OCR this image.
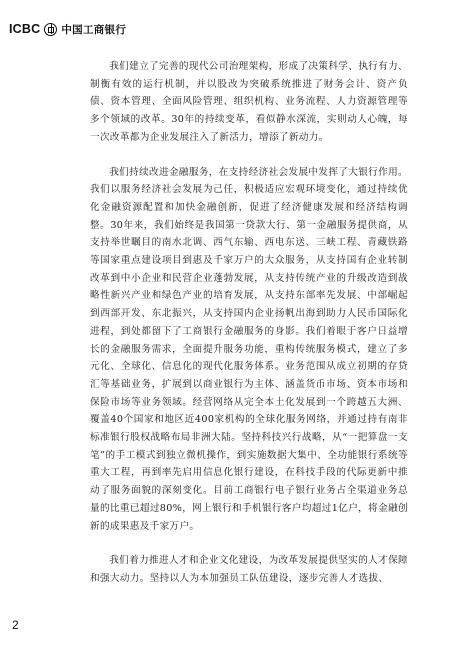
ICBC 中国工商银行

我们建立了完善的现代公司治理架构，形成了决策科学、执行有力、制衡有效的运行机制，并以股改为突破系统推进了财务会计、资产负债、资本管理、全面风险管理、组织机构、业务流程、人力资源管理等多个领域的改革。30年的持续变革，看似静水深流，实则动人心魄，每一次改革都为企业发展注入了新活力，增添了新动力。

我们持续改进金融服务，在支持经济社会发展中发挥了大银行作用。我们以服务经济社会发展为己任，积极适应宏观环境变化，通过持续优化金融资源配置和加快金融创新，促进了经济健康发展和经济结构调整。30年来，我们始终是我国第一贷款大行、第一金融服务提供商，从支持举世瞩目的南水北调、西气东输、西电东送、三峡工程、青藏铁路等国家重点建设项目到惠及千家万户的大众服务，从支持国有企业转制改革到中小企业和民营企业蓬勃发展，从支持传统产业的升级改造到战略性新兴产业和绿色产业的培育发展，从支持东部率先发展、中部崛起到西部开发、东北振兴，从支持国内企业扬帆出海到助力人民币国际化进程，到处都留下了工商银行金融服务的身影。我们着眼于客户日益增长的金融服务需求，全面提升服务功能，重构传统服务模式，建立了多元化、全球化、信息化的现代化服务体系。业务范围从成立初期的存贷汇等基础业务，扩展到以商业银行为主体、涵盖货币市场、资本市场和保险市场等业务领域。经营网络从完全本土化发展到一个跨越五大洲、覆盖40个国家和地区近400家机构的全球化服务网络，并通过持有南非标准银行股权战略布局非洲大陆。坚持科技兴行战略，从“一把算盘一支笔”的手工模式到独立微机操作，到实施数据大集中、全功能银行系统等重大工程，再到率先启用信息化银行建设，在科技手段的代际更新中推动了服务面貌的深刻变化。目前工商银行电子银行业务占全渠道业务总量的比重已超过80%，网上银行和手机银行客户均超过1亿户，将金融创新的成果惠及千家万户。

我们着力推进人才和企业文化建设，为改革发展提供坚实的人才保障和强大动力。坚持以人为本加强员工队伍建设，逐步完善人才选拔、

2
